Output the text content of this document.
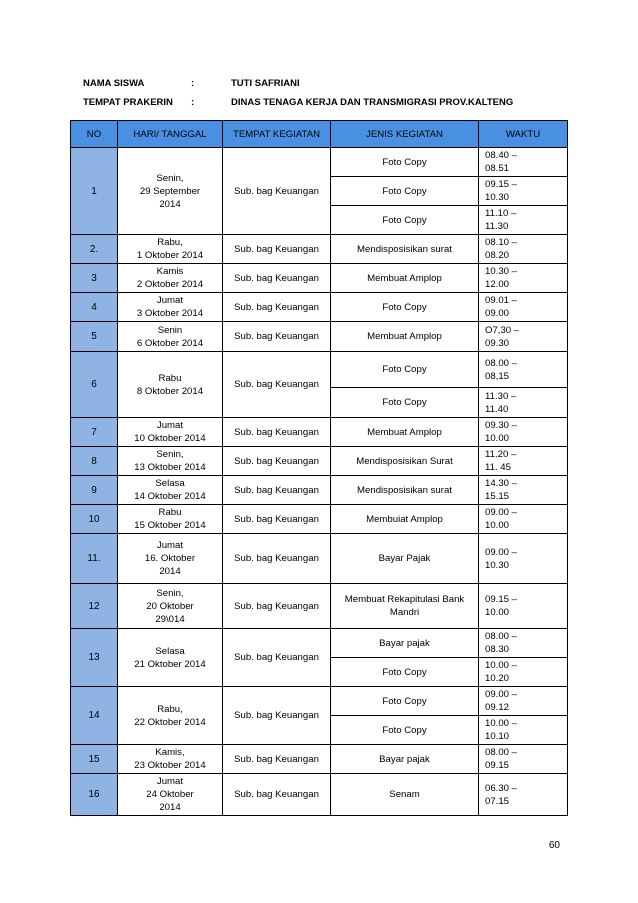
NAMA SISWA	:	TUTI SAFRIANI
TEMPAT PRAKERIN :	DINAS TENAGA KERJA DAN TRANSMIGRASI PROV.KALTENG
NO	HARI/ TANGGAL	TEMPAT KEGIATAN	JENIS KEGIATAN	WAKTU
1	Senin,
29 September
2014	Sub. bag Keuangan	Foto Copy	08.40 –
08.51
			Foto Copy	09.15 –
10.30
			Foto Copy	11.10 –
11.30
2.	Rabu,
1 Oktober 2014	Sub. bag Keuangan	Mendisposisikan surat	08.10 –
08.20
3	Kamis
2 Oktober 2014	Sub. bag Keuangan	Membuat Amplop	10.30 –
12.00
4	Jumat
3 Oktober 2014	Sub. bag Keuangan	Foto Copy	09.01 –
09.00
5	Senin
6 Oktober 2014	Sub. bag Keuangan	Membuat Amplop	O7,30 –
09.30
6	Rabu
8 Oktober 2014	Sub. bag Keuangan	Foto Copy	08.00 –
08,15
			Foto Copy	11.30 –
11.40
7	Jumat
10 Oktober 2014	Sub. bag Keuangan	Membuat Amplop	09.30 –
10.00
8	Senin,
13 Oktober 2014	Sub. bag Keuangan	Mendisposisikan Surat	11.20 –
11. 45
9	Selasa
14 Oktober 2014	Sub. bag Keuangan	Mendisposisikan surat	14.30 –
15.15
10	Rabu
15 Oktober 2014	Sub. bag Keuangan	Membuiat Amplop	09.00 –
10.00
11.	Jumat
16. Oktober
2014	Sub. bag Keuangan	Bayar Pajak	09.00 –
10.30
12	Senin,
20 Oktober
29\014	Sub. bag Keuangan	Membuat Rekapitulasi Bank
Mandri	09.15 –
10.00
13	Selasa
21 Oktober 2014	Sub. bag Keuangan	Bayar pajak	08.00 –
08.30
			Foto Copy	10.00 –
10.20
14	Rabu,
22 Oktober 2014	Sub. bag Keuangan	Foto Copy	09.00 –
09.12
			Foto Copy	10.00 –
10.10
15	Kamis,
23 Oktober 2014	Sub. bag Keuangan	Bayar pajak	08.00 –
09.15
16	Jumat
24 Oktober
2014	Sub. bag Keuangan	Senam	06.30 –
07.15
60
